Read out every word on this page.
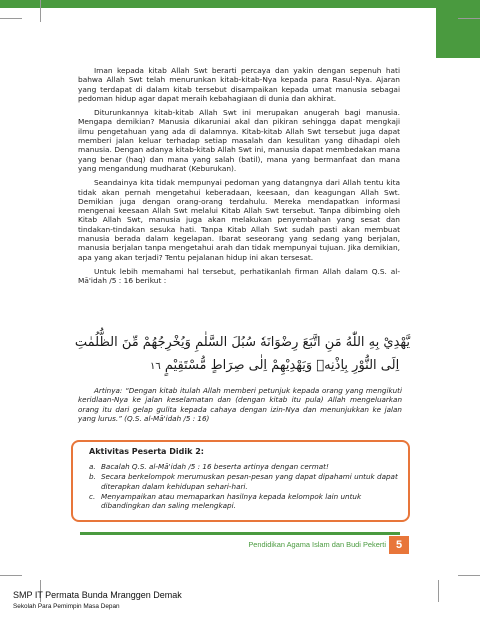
Iman kepada kitab Allah Swt berarti percaya dan yakin dengan sepenuh hati bahwa Allah Swt telah menurunkan kitab-kitab-Nya kepada para Rasul-Nya. Ajaran yang terdapat di dalam kitab tersebut disampaikan kepada umat manusia sebagai pedoman hidup agar dapat meraih kebahagiaan di dunia dan akhirat.

Diturunkannya kitab-kitab Allah Swt ini merupakan anugerah bagi manusia. Mengapa demikian? Manusia dikaruniai akal dan pikiran sehingga dapat mengkaji ilmu pengetahuan yang ada di dalamnya. Kitab-kitab Allah Swt tersebut juga dapat memberi jalan keluar terhadap setiap masalah dan kesulitan yang dihadapi oleh manusia. Dengan adanya kitab-kitab Allah Swt ini, manusia dapat membedakan mana yang benar (haq) dan mana yang salah (batil), mana yang bermanfaat dan mana yang mengandung mudharat (Keburukan).

Seandainya kita tidak mempunyai pedoman yang datangnya dari Allah tentu kita tidak akan pernah mengetahui keberadaan, keesaan, dan keagungan Allah Swt. Demikian juga dengan orang-orang terdahulu. Mereka mendapatkan informasi mengenai keesaan Allah Swt melalui Kitab Allah Swt tersebut. Tanpa dibimbing oleh Kitab Allah Swt, manusia juga akan melakukan penyembahan yang sesat dan tindakan-tindakan sesuka hati. Tanpa Kitab Allah Swt sudah pasti akan membuat manusia berada dalam kegelapan. Ibarat seseorang yang sedang yang berjalan, manusia berjalan tanpa mengetahui arah dan tidak mempunyai tujuan. Jika demikian, apa yang akan terjadi? Tentu pejalanan hidup ini akan tersesat.

Untuk lebih memahami hal tersebut, perhatikanlah firman Allah dalam Q.S. al-Mā'idah /5 : 16 berikut :

يَّهْدِيْ بِهِ اللّٰهُ مَنِ اتَّبَعَ رِضْوَانَهٗ سُبُلَ السَّلٰمِ وَيُخْرِجُهُمْ مِّنَ الظُّلُمٰتِ
اِلَى النُّوْرِ بِاِذْنِهٖ وَيَهْدِيْهِمْ اِلٰى صِرَاطٍ مُّسْتَقِيْمٍ ١٦
Artinya: “Dengan kitab itulah Allah memberi petunjuk kepada orang yang mengikuti keridlaan-Nya ke jalan keselamatan dan (dengan kitab itu pula) Allah mengeluarkan orang itu dari gelap gulita kepada cahaya dengan izin-Nya dan menunjukkan ke jalan yang lurus.” (Q.S. al-Mā'idah /5 : 16)
Aktivitas Peserta Didik 2:
a. Bacalah Q.S. al-Mā'idah /5 : 16 beserta artinya dengan cermat!
b. Secara berkelompok merumuskan pesan-pesan yang dapat dipahami untuk dapat diterapkan dalam kehidupan sehari-hari.
c. Menyampaikan atau memaparkan hasilnya kepada kelompok lain untuk dibandingkan dan saling melengkapi.
Pendidikan Agama Islam dan Budi Pekerti 5
SMP IT Permata Bunda Mranggen Demak
Sekolah Para Pemimpin Masa Depan
